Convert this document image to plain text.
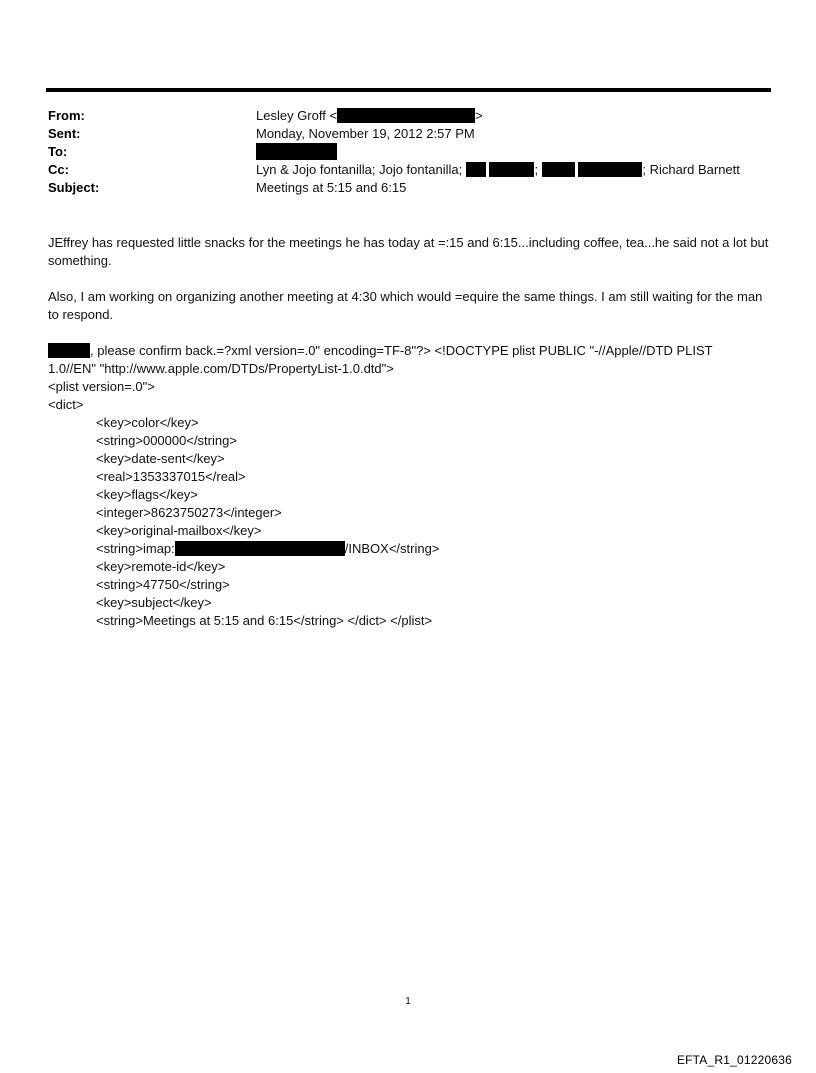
From:	Lesley Groff <	>
Sent:	Monday, November 19, 2012 2:57 PM
To:
Cc:	Lyn & Jojo fontanilla; Jojo fontanilla;	;	; Richard Barnett
Subject:	Meetings at 5:15 and 6:15
JEffrey has requested little snacks for the meetings he has today at =:15 and 6:15...including coffee, tea...he said not a lot but something.
Also, I am working on organizing another meeting at 4:30 which would =equire the same things. I am still waiting for the man to respond.
, please confirm back.=?xml version=.0" encoding=TF-8"?> <!DOCTYPE plist PUBLIC "-//Apple//DTD PLIST
1.0//EN" "http://www.apple.com/DTDs/PropertyList-1.0.dtd">
<plist version=.0">
<dict>
<key>color</key>
<string>000000</string>
<key>date-sent</key>
<real>1353337015</real>
<key>flags</key>
<integer>8623750273</integer>
<key>original-mailbox</key>
<string>imap:	/INBOX</string>
<key>remote-id</key>
<string>47750</string>
<key>subject</key>
<string>Meetings at 5:15 and 6:15</string> </dict> </plist>
1
EFTA_R1_01220636
